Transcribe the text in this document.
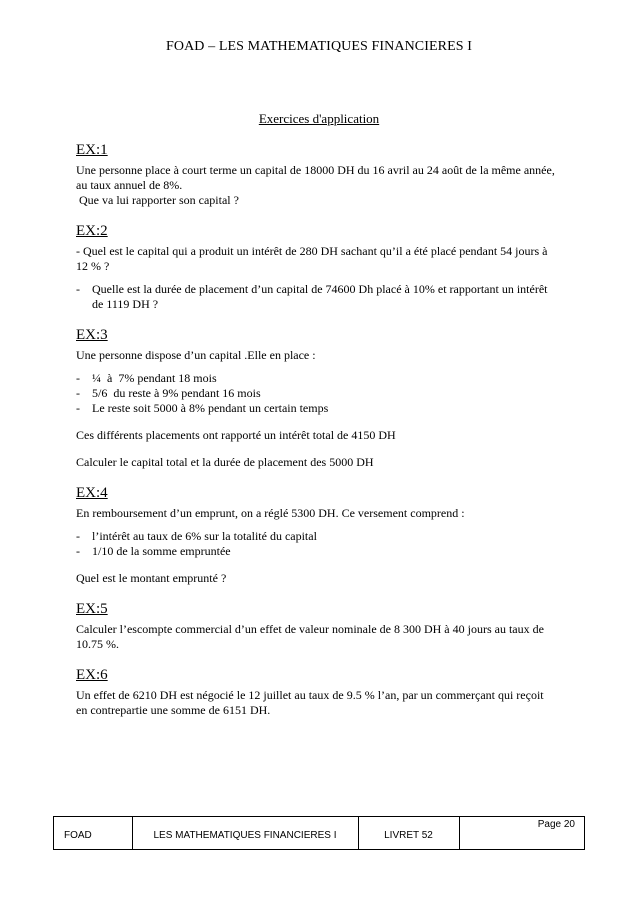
FOAD – LES MATHEMATIQUES FINANCIERES I
Exercices d'application
EX:1

Une personne place à court terme un capital de 18000 DH du 16 avril au 24 août de la même année, au taux annuel de 8%.

Que va lui rapporter son capital ?

EX:2

- Quel est le capital qui a produit un intérêt de 280 DH sachant qu’il a été placé pendant 54 jours à 12 % ?

- Quelle est la durée de placement d’un capital de 74600 Dh placé à 10% et rapportant un intérêt de 1119 DH ?
EX:3

Une personne dispose d’un capital .Elle en place :

- ¼  à  7% pendant 18 mois
- 5/6  du reste à 9% pendant 16 mois
- Le reste soit 5000 à 8% pendant un certain temps

Ces différents placements ont rapporté un intérêt total de 4150 DH

Calculer le capital total et la durée de placement des 5000 DH

EX:4

En remboursement d’un emprunt, on a réglé 5300 DH. Ce versement comprend :

- l’intérêt au taux de 6% sur la totalité du capital
- 1/10 de la somme empruntée

Quel est le montant emprunté ?

EX:5

Calculer l’escompte commercial d’un effet de valeur nominale de 8 300 DH à 40 jours au taux de 10.75 %.

EX:6

Un effet de 6210 DH est négocié le 12 juillet au taux de 9.5 % l’an, par un commerçant qui reçoit en contrepartie une somme de 6151 DH.

FOAD	LES MATHEMATIQUES FINANCIERES I	LIVRET 52
Page 20
